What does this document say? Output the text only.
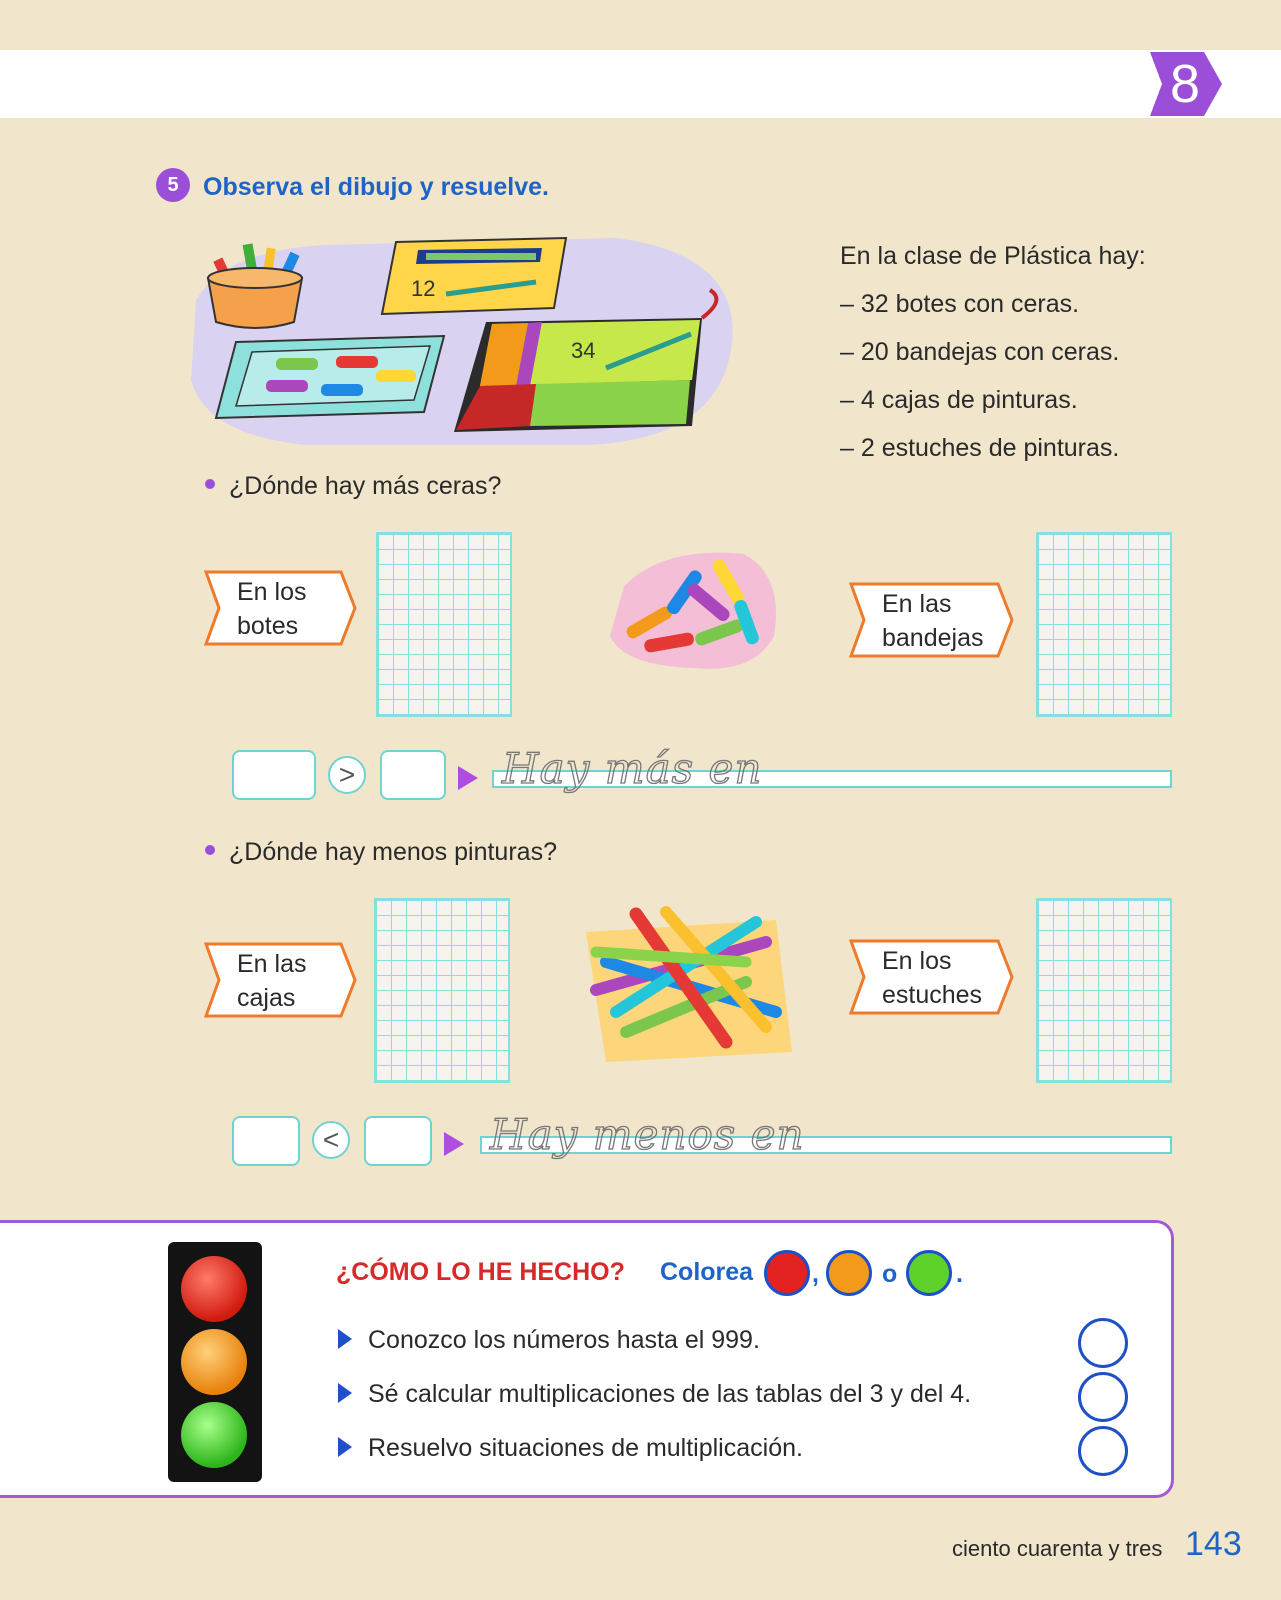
8
5 Observa el dibujo y resuelve.
12
34
En la clase de Plástica hay:
– 32 botes con ceras.
– 20 bandejas con ceras.
– 4 cajas de pinturas.
– 2 estuches de pinturas.
¿Dónde hay más ceras?
En los
botes
En las
bandejas
>	Hay más en
¿Dónde hay menos pinturas?
En las
cajas
En los
estuches
<	Hay menos en
¿CÓMO LO HE HECHO? Colorea ,	o .
Conozco los números hasta el 999.
Sé calcular multiplicaciones de las tablas del 3 y del 4.
Resuelvo situaciones de multiplicación.
ciento cuarenta y tres 143
